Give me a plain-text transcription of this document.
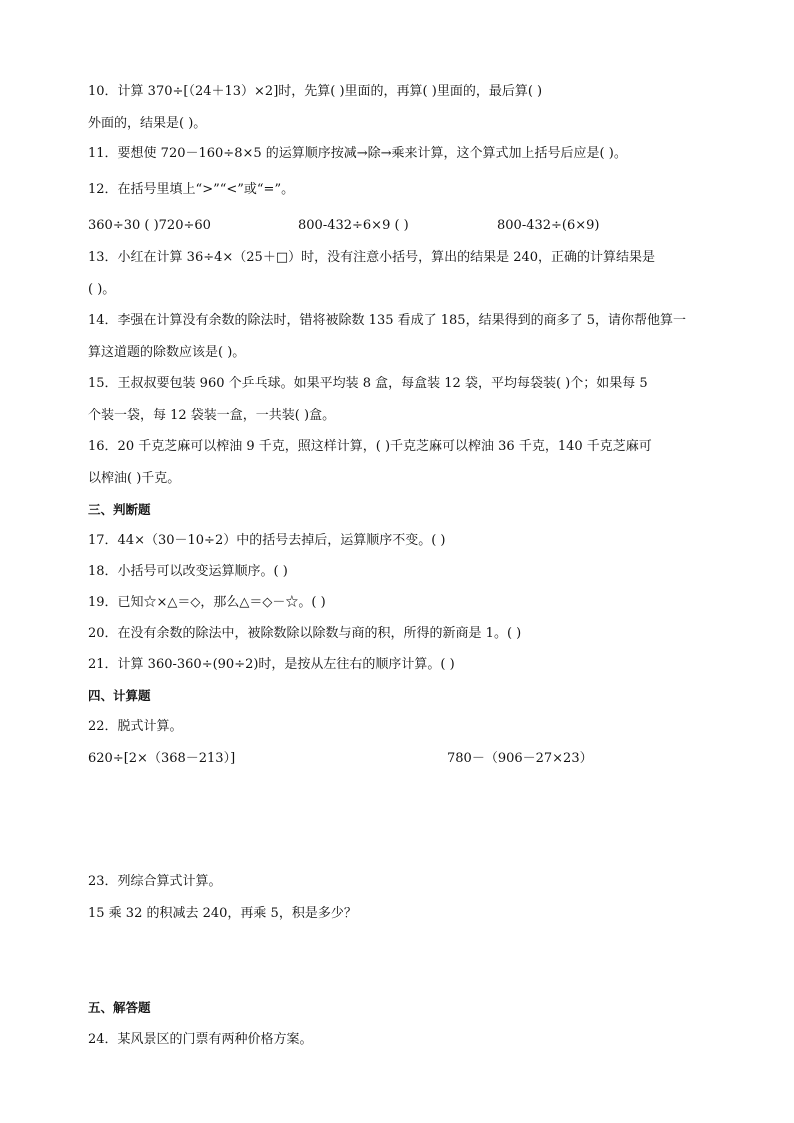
10．计算 370÷[（24＋13）×2]时，先算( )里面的，再算( )里面的，最后算( )
外面的，结果是( )。
11．要想使 720－160÷8×5 的运算顺序按减→除→乘来计算，这个算式加上括号后应是( )。
12．在括号里填上“>”“<”或“=”。
360÷30 ( )720÷60	800-432÷6×9 ( )	800-432÷(6×9)
13．小红在计算 36÷4×（25＋□）时，没有注意小括号，算出的结果是 240，正确的计算结果是
( )。
14．李强在计算没有余数的除法时，错将被除数 135 看成了 185，结果得到的商多了 5，请你帮他算一
算这道题的除数应该是( )。
15．王叔叔要包装 960 个乒乓球。如果平均装 8 盒，每盒装 12 袋，平均每袋装( )个；如果每 5
个装一袋，每 12 袋装一盒，一共装( )盒。
16．20 千克芝麻可以榨油 9 千克，照这样计算，( )千克芝麻可以榨油 36 千克，140 千克芝麻可
以榨油( )千克。
三、判断题
17．44×（30－10÷2）中的括号去掉后，运算顺序不变。( )
18．小括号可以改变运算顺序。( )
19．已知☆×△＝◇，那么△＝◇－☆。( )
20．在没有余数的除法中，被除数除以除数与商的积，所得的新商是 1。( )
21．计算 360-360÷(90÷2)时，是按从左往右的顺序计算。( )
四、计算题
22．脱式计算。
620÷[2×（368－213）]	780－（906－27×23）
23．列综合算式计算。
15 乘 32 的积减去 240，再乘 5，积是多少？
五、解答题
24．某风景区的门票有两种价格方案。
